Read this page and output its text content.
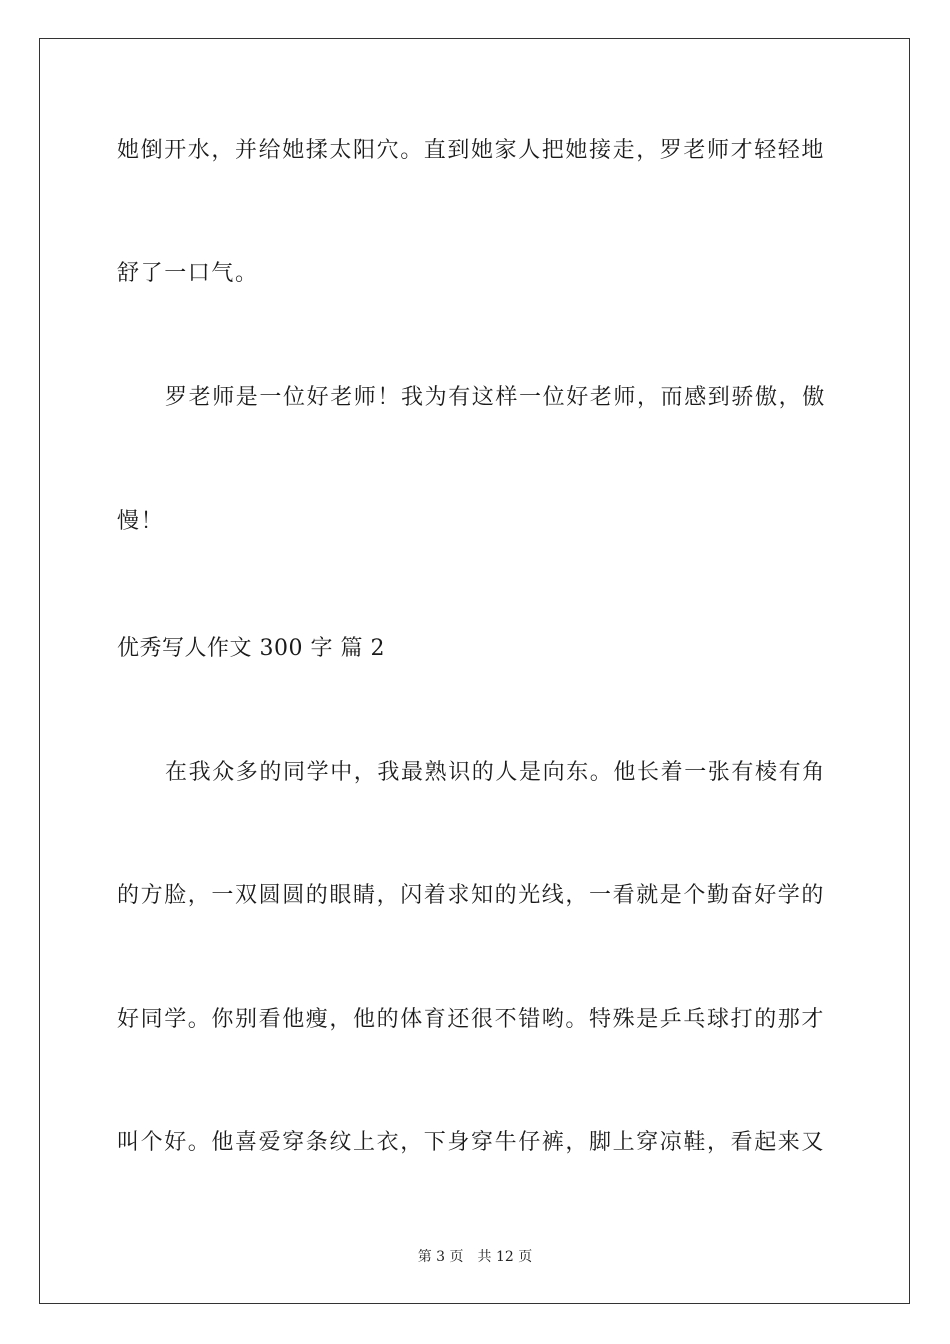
她倒开水，并给她揉太阳穴。直到她家人把她接走，罗老师才轻轻地
舒了一口气。
罗老师是一位好老师！我为有这样一位好老师，而感到骄傲，傲
慢！
优秀写人作文 300 字 篇 2
在我众多的同学中，我最熟识的人是向东。他长着一张有棱有角
的方脸，一双圆圆的眼睛，闪着求知的光线，一看就是个勤奋好学的
好同学。你别看他瘦，他的体育还很不错哟。特殊是乒乓球打的那才
叫个好。他喜爱穿条纹上衣，下身穿牛仔裤，脚上穿凉鞋，看起来又
第 3 页 共 12 页
